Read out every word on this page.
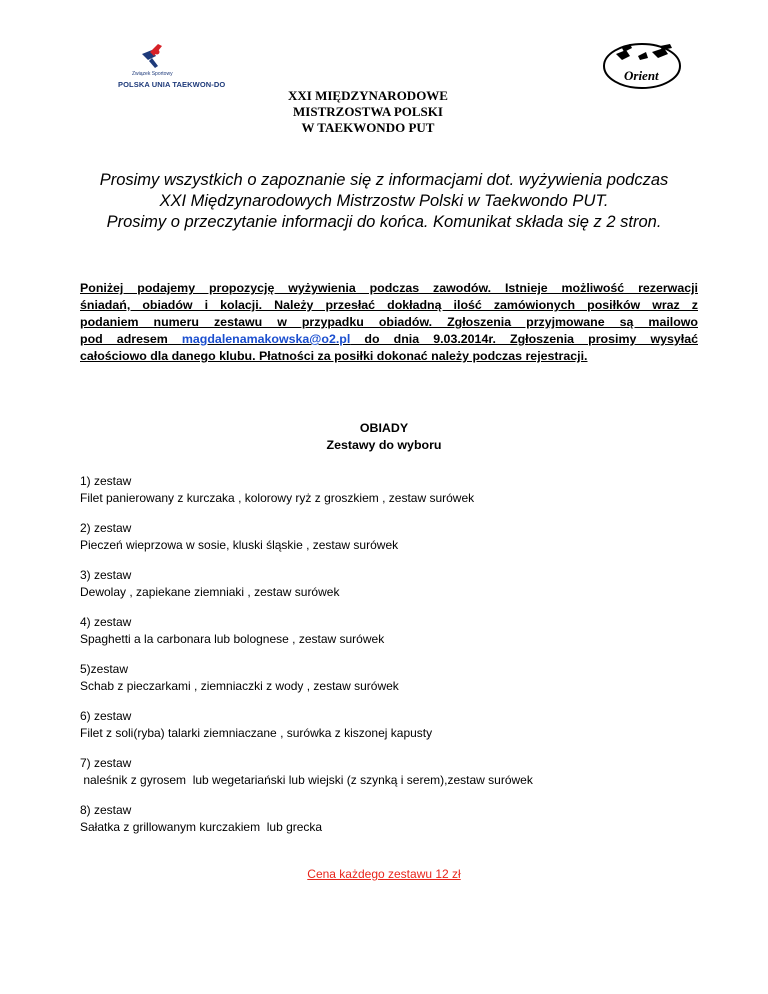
Związek Sportowy
POLSKA UNIA TAEKWON-DO
Orient
XXI MIĘDZYNARODOWE
MISTRZOSTWA POLSKI
W TAEKWONDO PUT
Prosimy wszystkich o zapoznanie się z informacjami dot. wyżywienia podczas
XXI Międzynarodowych Mistrzostw Polski w Taekwondo PUT.
Prosimy o przeczytanie informacji do końca. Komunikat składa się z 2 stron.
Poniżej podajemy propozycję wyżywienia podczas zawodów. Istnieje możliwość rezerwacji
śniadań, obiadów i kolacji. Należy przesłać dokładną ilość zamówionych posiłków wraz z
podaniem numeru zestawu w przypadku obiadów. Zgłoszenia przyjmowane są mailowo
pod adresem magdalenamakowska@o2.pl do dnia 9.03.2014r. Zgłoszenia prosimy wysyłać
całościowo dla danego klubu. Płatności za posiłki dokonać należy podczas rejestracji.
OBIADY
Zestawy do wyboru
1) zestaw
Filet panierowany z kurczaka , kolorowy ryż z groszkiem , zestaw surówek
2) zestaw
Pieczeń wieprzowa w sosie, kluski śląskie , zestaw surówek
3) zestaw
Dewolay , zapiekane ziemniaki , zestaw surówek
4) zestaw
Spaghetti a la carbonara lub bolognese , zestaw surówek
5)zestaw
Schab z pieczarkami , ziemniaczki z wody , zestaw surówek
6) zestaw
Filet z soli(ryba) talarki ziemniaczane , surówka z kiszonej kapusty
7) zestaw
naleśnik z gyrosem  lub wegetariański lub wiejski (z szynką i serem),zestaw surówek
8) zestaw
Sałatka z grillowanym kurczakiem  lub grecka
Cena każdego zestawu 12 zł
